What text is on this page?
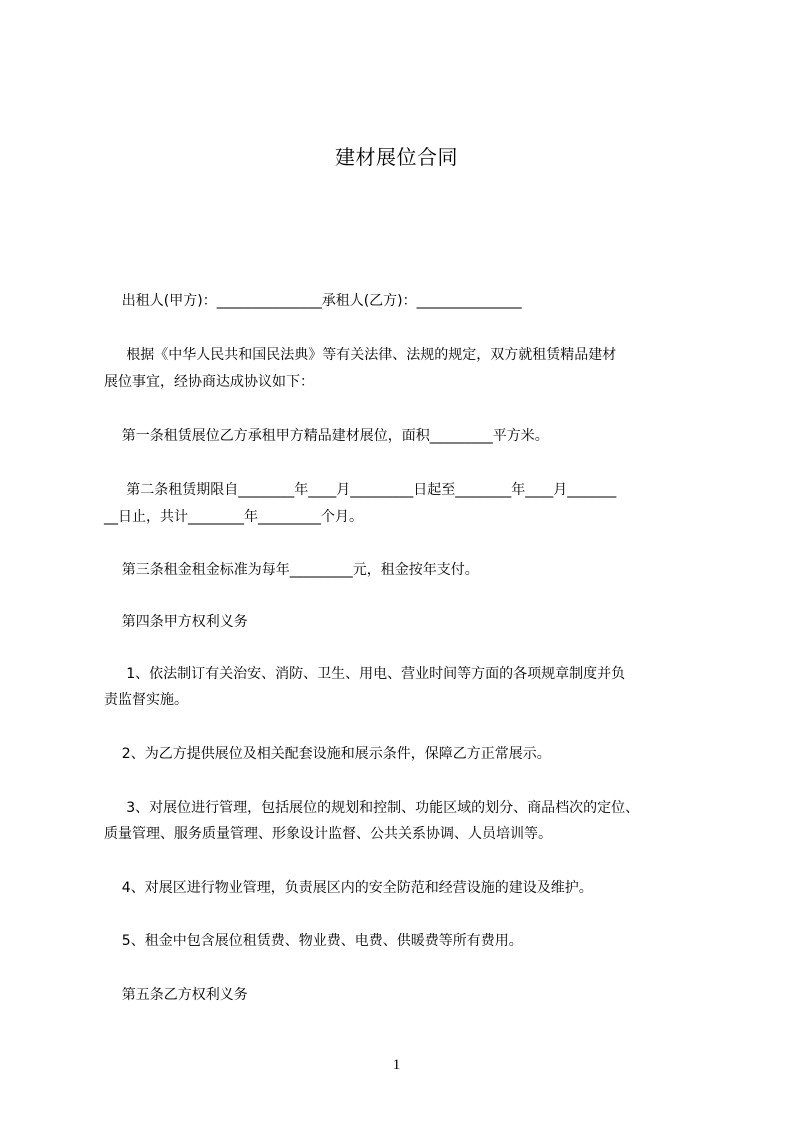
建材展位合同
出租人(甲方)：_______________承租人(乙方)：_______________
根据《中华人民共和国民法典》等有关法律、法规的规定，双方就租赁精品建材
展位事宜，经协商达成协议如下：
第一条租赁展位乙方承租甲方精品建材展位，面积_________平方米。
第二条租赁期限自________年____月_________日起至________年____月_______
__日止，共计________年_________个月。
第三条租金租金标准为每年_________元，租金按年支付。
第四条甲方权利义务
1、依法制订有关治安、消防、卫生、用电、营业时间等方面的各项规章制度并负
责监督实施。
2、为乙方提供展位及相关配套设施和展示条件，保障乙方正常展示。
3、对展位进行管理，包括展位的规划和控制、功能区域的划分、商品档次的定位、
质量管理、服务质量管理、形象设计监督、公共关系协调、人员培训等。
4、对展区进行物业管理，负责展区内的安全防范和经营设施的建设及维护。
5、租金中包含展位租赁费、物业费、电费、供暖费等所有费用。
第五条乙方权利义务
1
